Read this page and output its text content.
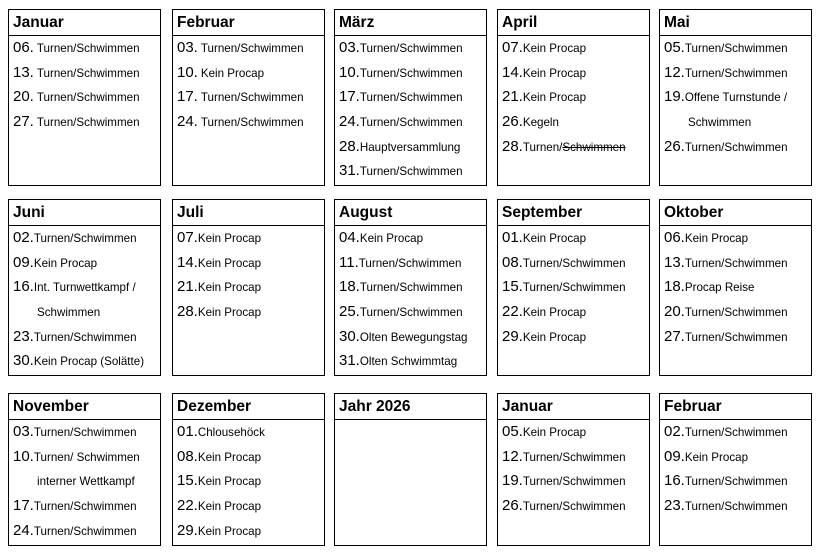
Januar
06. Turnen/Schwimmen
13. Turnen/Schwimmen
20. Turnen/Schwimmen
27. Turnen/Schwimmen
Februar
03. Turnen/Schwimmen
10. Kein Procap
17. Turnen/Schwimmen
24. Turnen/Schwimmen
März
03.Turnen/Schwimmen
10.Turnen/Schwimmen
17.Turnen/Schwimmen
24.Turnen/Schwimmen
28.Hauptversammlung
31.Turnen/Schwimmen
April
07.Kein Procap
14.Kein Procap
21.Kein Procap
26.Kegeln
28.Turnen/Schwimmen
Mai
05.Turnen/Schwimmen
12.Turnen/Schwimmen
19.Offene Turnstunde /
Schwimmen
26.Turnen/Schwimmen
Juni
02.Turnen/Schwimmen
09.Kein Procap
16.Int. Turnwettkampf /
Schwimmen
23.Turnen/Schwimmen
30.Kein Procap (Solätte)
Juli
07.Kein Procap
14.Kein Procap
21.Kein Procap
28.Kein Procap
August
04.Kein Procap
11.Turnen/Schwimmen
18.Turnen/Schwimmen
25.Turnen/Schwimmen
30.Olten Bewegungstag
31.Olten Schwimmtag
September
01.Kein Procap
08.Turnen/Schwimmen
15.Turnen/Schwimmen
22.Kein Procap
29.Kein Procap
Oktober
06.Kein Procap
13.Turnen/Schwimmen
18.Procap Reise
20.Turnen/Schwimmen
27.Turnen/Schwimmen
November
03.Turnen/Schwimmen
10.Turnen/ Schwimmen
interner Wettkampf
17.Turnen/Schwimmen
24.Turnen/Schwimmen
Dezember
01.Chlousehöck
08.Kein Procap
15.Kein Procap
22.Kein Procap
29.Kein Procap
Jahr 2026	Januar
05.Kein Procap
12.Turnen/Schwimmen
19.Turnen/Schwimmen
26.Turnen/Schwimmen
Februar
02.Turnen/Schwimmen
09.Kein Procap
16.Turnen/Schwimmen
23.Turnen/Schwimmen
